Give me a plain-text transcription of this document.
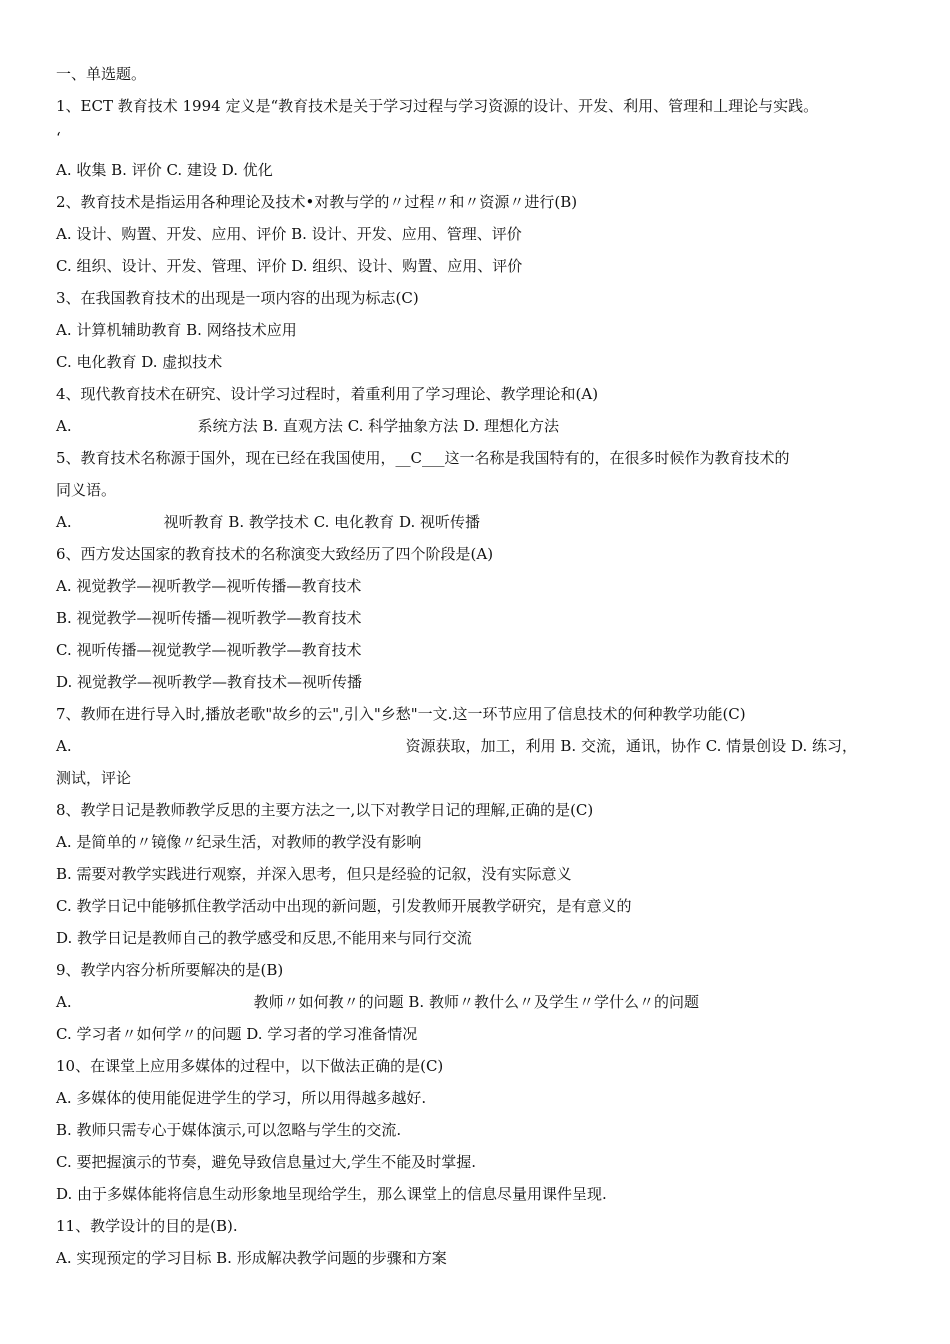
一、单选题。
1、ECT 教育技术 1994 定义是“教育技术是关于学习过程与学习资源的设计、开发、利用、管理和丄理论与实践。
‘
A. 收集 B. 评价 C. 建设 D. 优化
2、教育技术是指运用各种理论及技术•对教与学的〃过程〃和〃资源〃进行(B)
A. 设计、购置、开发、应用、评价 B. 设计、开发、应用、管理、评价
C. 组织、设计、开发、管理、评价 D. 组织、设计、购置、应用、评价
3、在我国教育技术的出现是一项内容的出现为标志(C)
A. 计算机辅助教育 B. 网络技术应用
C. 电化教育 D. 虚拟技术
4、现代教育技术在研究、设计学习过程时，着重利用了学习理论、教学理论和(A)
A.	系统方法 B. 直观方法 C. 科学抽象方法 D. 理想化方法
5、教育技术名称源于国外，现在已经在我国使用，__C___这一名称是我国特有的，在很多时候作为教育技术的
同义语。
A.	视听教育 B. 教学技术 C. 电化教育 D. 视听传播
6、西方发达国家的教育技术的名称演变大致经历了四个阶段是(A)
A. 视觉教学—视听教学—视听传播—教育技术
B. 视觉教学—视听传播—视听教学—教育技术
C. 视听传播—视觉教学—视听教学—教育技术
D. 视觉教学—视听教学—教育技术—视听传播
7、教师在进行导入时,播放老歌"故乡的云",引入"乡愁"一文.这一环节应用了信息技术的何种教学功能(C)
A.	资源获取，加工，利用 B. 交流，通讯，协作 C. 情景创设 D. 练习，
测试，评论
8、教学日记是教师教学反思的主要方法之一,以下对教学日记的理解,正确的是(C)
A. 是简单的〃镜像〃纪录生活，对教师的教学没有影响
B. 需要对教学实践进行观察，并深入思考，但只是经验的记叙，没有实际意义
C. 教学日记中能够抓住教学活动中出现的新问题，引发教师开展教学研究，是有意义的
D. 教学日记是教师自己的教学感受和反思,不能用来与同行交流
9、教学内容分析所要解决的是(B)
A.	教师〃如何教〃的问题 B. 教师〃教什么〃及学生〃学什么〃的问题
C. 学习者〃如何学〃的问题 D. 学习者的学习准备情况
10、在课堂上应用多媒体的过程中，以下做法正确的是(C)
A. 多媒体的使用能促进学生的学习，所以用得越多越好.
B. 教师只需专心于媒体演示,可以忽略与学生的交流.
C. 要把握演示的节奏，避免导致信息量过大,学生不能及时掌握.
D. 由于多媒体能将信息生动形象地呈现给学生，那么课堂上的信息尽量用课件呈现.
11、教学设计的目的是(B).
A. 实现预定的学习目标 B. 形成解决教学问题的步骤和方案
